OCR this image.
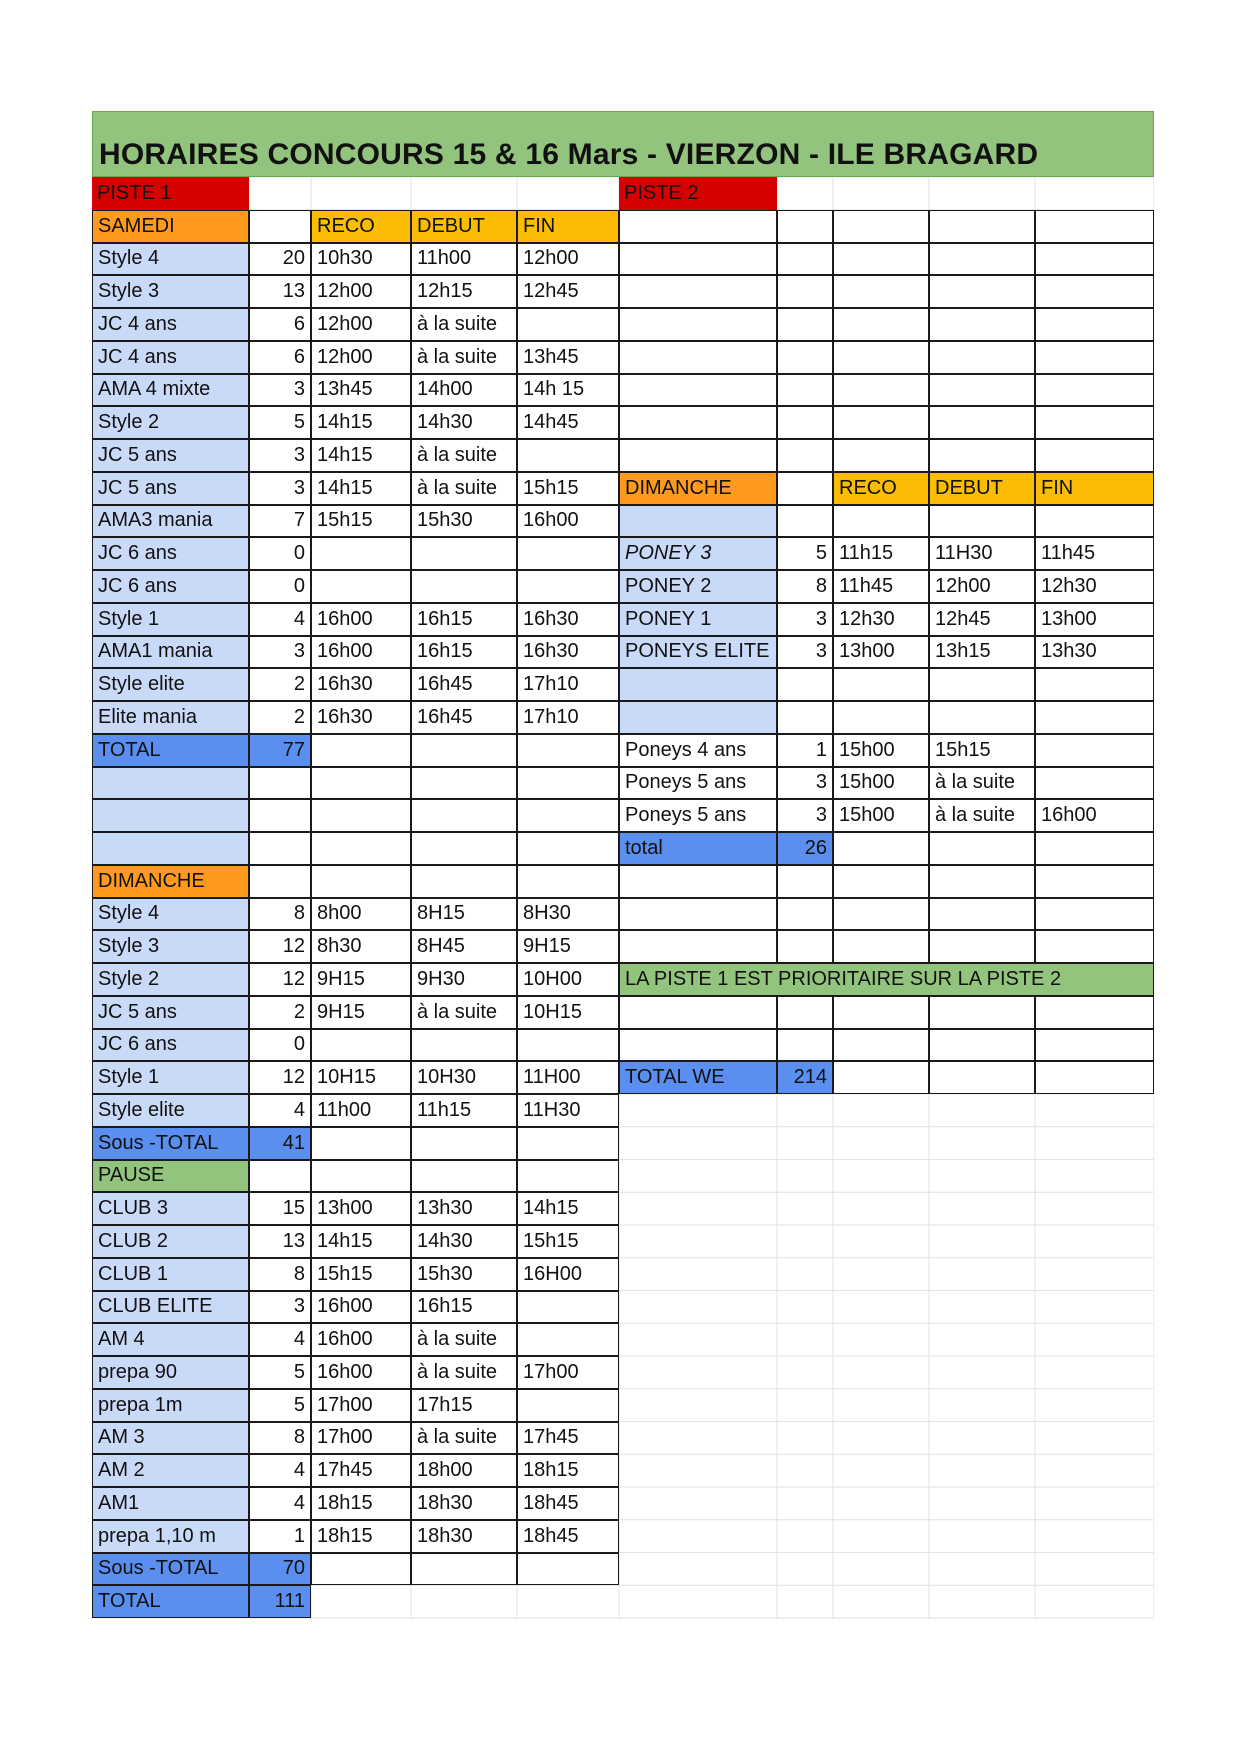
HORAIRES CONCOURS 15 & 16 Mars - VIERZON - ILE BRAGARD
PISTE 1
SAMEDI	RECO	DEBUT	FIN
Style 4	20 10h30	11h00	12h00
Style 3	13 12h00	12h15	12h45
JC 4 ans	6 12h00	à la suite
JC 4 ans	6 12h00	à la suite	13h45
AMA 4 mixte	3 13h45	14h00	14h 15
Style 2	5 14h15	14h30	14h45
JC 5 ans	3 14h15	à la suite
JC 5 ans	3 14h15	à la suite	15h15
AMA3 mania	7 15h15	15h30	16h00
JC 6 ans	0
JC 6 ans	0
Style 1	4 16h00	16h15	16h30
AMA1 mania	3 16h00	16h15	16h30
Style elite	2 16h30	16h45	17h10
Elite mania	2 16h30	16h45	17h10
TOTAL	77
DIMANCHE
Style 4	8 8h00	8H15	8H30
Style 3	12 8h30	8H45	9H15
Style 2	12 9H15	9H30	10H00
JC 5 ans	2 9H15	à la suite	10H15
JC 6 ans	0
Style 1	12 10H15	10H30	11H00
Style elite	4 11h00	11h15	11H30
Sous -TOTAL	41
PAUSE
CLUB 3	15 13h00	13h30	14h15
CLUB 2	13 14h15	14h30	15h15
CLUB 1	8 15h15	15h30	16H00
CLUB ELITE	3 16h00	16h15
AM 4	4 16h00	à la suite
prepa 90	5 16h00	à la suite	17h00
prepa 1m	5 17h00	17h15
AM 3	8 17h00	à la suite	17h45
AM 2	4 17h45	18h00	18h15
AM1	4 18h15	18h30	18h45
prepa 1,10 m	1 18h15	18h30	18h45
Sous -TOTAL	70
TOTAL	111
PISTE 2
DIMANCHE	RECO	DEBUT	FIN
PONEY 3	5 11h15	11H30	11h45
PONEY 2	8 11h45	12h00	12h30
PONEY 1	3 12h30	12h45	13h00
PONEYS ELITE	3 13h00	13h15	13h30
Poneys 4 ans	1 15h00	15h15
Poneys 5 ans	3 15h00	à la suite
Poneys 5 ans	3 15h00	à la suite	16h00
total	26
LA PISTE 1 EST PRIORITAIRE SUR LA PISTE 2
TOTAL WE	214
